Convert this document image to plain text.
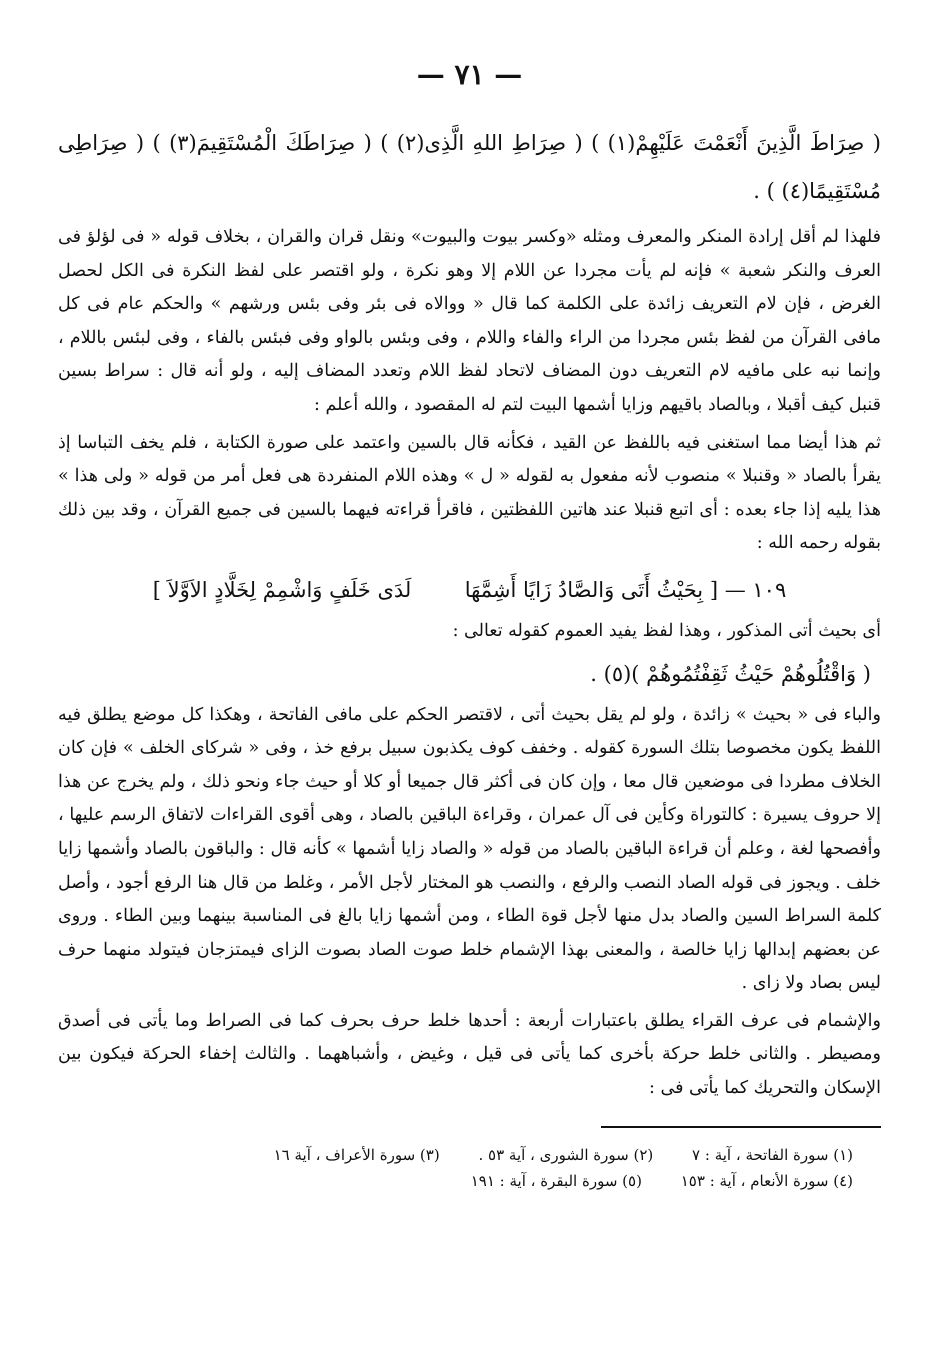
— ٧١ —

( صِرَاطَ الَّذِينَ أَنْعَمْتَ عَلَيْهِمْ(١) ) ( صِرَاطِ اللهِ الَّذِى(٢) ) ( صِرَاطَكَ الْمُسْتَقِيمَ(٣) ) ( صِرَاطِى مُسْتَقِيمًا(٤) ) .

فلهذا لم أقل إرادة المنكر والمعرف ومثله «وكسر بيوت والبيوت» ونقل قران والقران ، بخلاف قوله « فى لؤلؤ فى العرف والنكر شعبة » فإنه لم يأت مجردا عن اللام إلا وهو نكرة ، ولو اقتصر على لفظ النكرة فى الكل لحصل الغرض ، فإن لام التعريف زائدة على الكلمة كما قال « ووالاه فى بئر وفى بئس ورشهم » والحكم عام فى كل مافى القرآن من لفظ بئس مجردا من الراء والفاء واللام ، وفى وبئس بالواو وفى فبئس بالفاء ، وفى لبئس باللام ، وإنما نبه على مافيه لام التعريف دون المضاف لاتحاد لفظ اللام وتعدد المضاف إليه ، ولو أنه قال : سراط بسين قنبل كيف أقبلا ، وبالصاد باقيهم وزايا أشمها البيت لتم له المقصود ، والله أعلم :

ثم هذا أيضا مما استغنى فيه باللفظ عن القيد ، فكأنه قال بالسين واعتمد على صورة الكتابة ، فلم يخف التباسا إذ يقرأ بالصاد « وقنبلا » منصوب لأنه مفعول به لقوله « ل » وهذه اللام المنفردة هى فعل أمر من قوله « ولى هذا » هذا يليه إذا جاء بعده : أى اتبع قنبلا عند هاتين اللفظتين ، فاقرأ قراءته فيهما بالسين فى جميع القرآن ، وقد بين ذلك بقوله رحمه الله :

١٠٩ — [ بِحَيْثُ أَتَى وَالصَّادُ زَايًا أَشِمَّهَا  لَدَى خَلَفٍ وَاشْمِمْ لِخَلَّادٍ الاَوَّلاَ ]

أى بحيث أتى المذكور ، وهذا لفظ يفيد العموم كقوله تعالى :

( وَاقْتُلُوهُمْ حَيْثُ ثَقِفْتُمُوهُمْ )(٥) .

والباء فى « بحيث » زائدة ، ولو لم يقل بحيث أتى ، لاقتصر الحكم على مافى الفاتحة ، وهكذا كل موضع يطلق فيه اللفظ يكون مخصوصا بتلك السورة كقوله . وخفف كوف يكذبون سبيل برفع خذ ، وفى « شركاى الخلف » فإن كان الخلاف مطردا فى موضعين قال معا ، وإن كان فى أكثر قال جميعا أو كلا أو حيث جاء ونحو ذلك ، ولم يخرج عن هذا إلا حروف يسيرة : كالتوراة وكأين فى آل عمران ، وقراءة الباقين بالصاد ، وهى أقوى القراءات لاتفاق الرسم عليها ، وأفصحها لغة ، وعلم أن قراءة الباقين بالصاد من قوله « والصاد زايا أشمها » كأنه قال : والباقون بالصاد وأشمها زايا خلف . ويجوز فى قوله الصاد النصب والرفع ، والنصب هو المختار لأجل الأمر ، وغلط من قال هنا الرفع أجود ، وأصل كلمة السراط السين والصاد بدل منها لأجل قوة الطاء ، ومن أشمها زايا بالغ فى المناسبة بينهما وبين الطاء . وروى عن بعضهم إبدالها زايا خالصة ، والمعنى بهذا الإشمام خلط صوت الصاد بصوت الزاى فيمتزجان فيتولد منهما حرف ليس بصاد ولا زاى .

والإشمام فى عرف القراء يطلق باعتبارات أربعة : أحدها خلط حرف بحرف كما فى الصراط وما يأتى فى أصدق ومصيطر . والثانى خلط حركة بأخرى كما يأتى فى قيل ، وغيض ، وأشباههما . والثالث إخفاء الحركة فيكون بين الإسكان والتحريك كما يأتى فى :

(١) سورة الفاتحة ، آية : ٧ (٢) سورة الشورى ، آية ٥٣ . (٣) سورة الأعراف ، آية ١٦
(٤) سورة الأنعام ، آية : ١٥٣ (٥) سورة البقرة ، آية : ١٩١
